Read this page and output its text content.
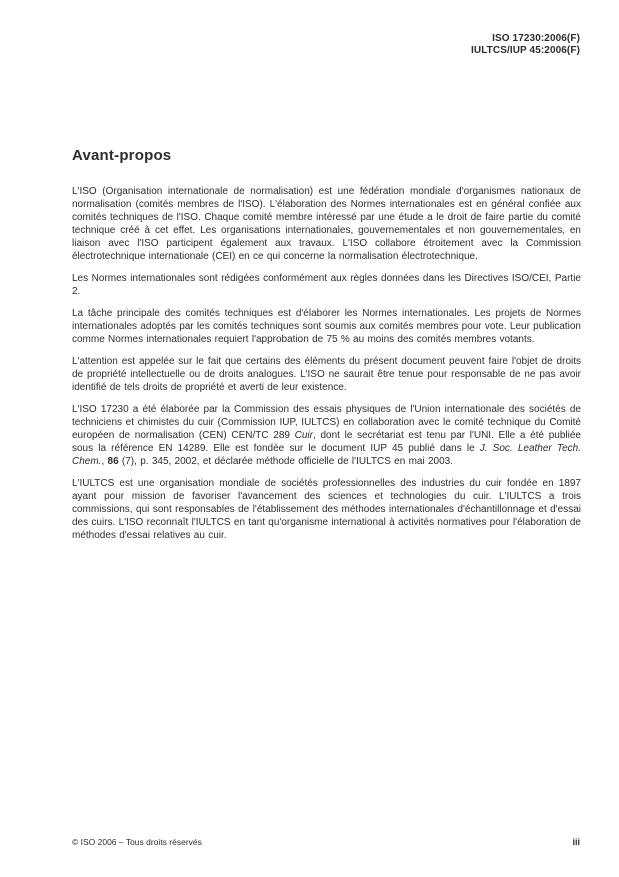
ISO 17230:2006(F)
IULTCS/IUP 45:2006(F)
Avant-propos

L'ISO (Organisation internationale de normalisation) est une fédération mondiale d'organismes nationaux de normalisation (comités membres de l'ISO). L'élaboration des Normes internationales est en général confiée aux comités techniques de l'ISO. Chaque comité membre intéressé par une étude a le droit de faire partie du comité technique créé à cet effet. Les organisations internationales, gouvernementales et non gouvernementales, en liaison avec l'ISO participent également aux travaux. L'ISO collabore étroitement avec la Commission électrotechnique internationale (CEI) en ce qui concerne la normalisation électrotechnique.

Les Normes internationales sont rédigées conformément aux règles données dans les Directives ISO/CEI, Partie 2.

La tâche principale des comités techniques est d'élaborer les Normes internationales. Les projets de Normes internationales adoptés par les comités techniques sont soumis aux comités membres pour vote. Leur publication comme Normes internationales requiert l'approbation de 75 % au moins des comités membres votants.

L'attention est appelée sur le fait que certains des éléments du présent document peuvent faire l'objet de droits de propriété intellectuelle ou de droits analogues. L'ISO ne saurait être tenue pour responsable de ne pas avoir identifié de tels droits de propriété et averti de leur existence.

L'ISO 17230 a été élaborée par la Commission des essais physiques de l'Union internationale des sociétés de techniciens et chimistes du cuir (Commission IUP, IULTCS) en collaboration avec le comité technique du Comité européen de normalisation (CEN) CEN/TC 289 Cuir, dont le secrétariat est tenu par l'UNI. Elle a été publiée sous la référence EN 14289. Elle est fondée sur le document IUP 45 publié dans le J. Soc. Leather Tech. Chem., 86 (7), p. 345, 2002, et déclarée méthode officielle de l'IULTCS en mai 2003.

L'IULTCS est une organisation mondiale de sociétés professionnelles des industries du cuir fondée en 1897 ayant pour mission de favoriser l'avancement des sciences et technologies du cuir. L'IULTCS a trois commissions, qui sont responsables de l'établissement des méthodes internationales d'échantillonnage et d'essai des cuirs. L'ISO reconnaît l'IULTCS en tant qu'organisme international à activités normatives pour l'élaboration de méthodes d'essai relatives au cuir.

© ISO 2006 – Tous droits réservés	iii
